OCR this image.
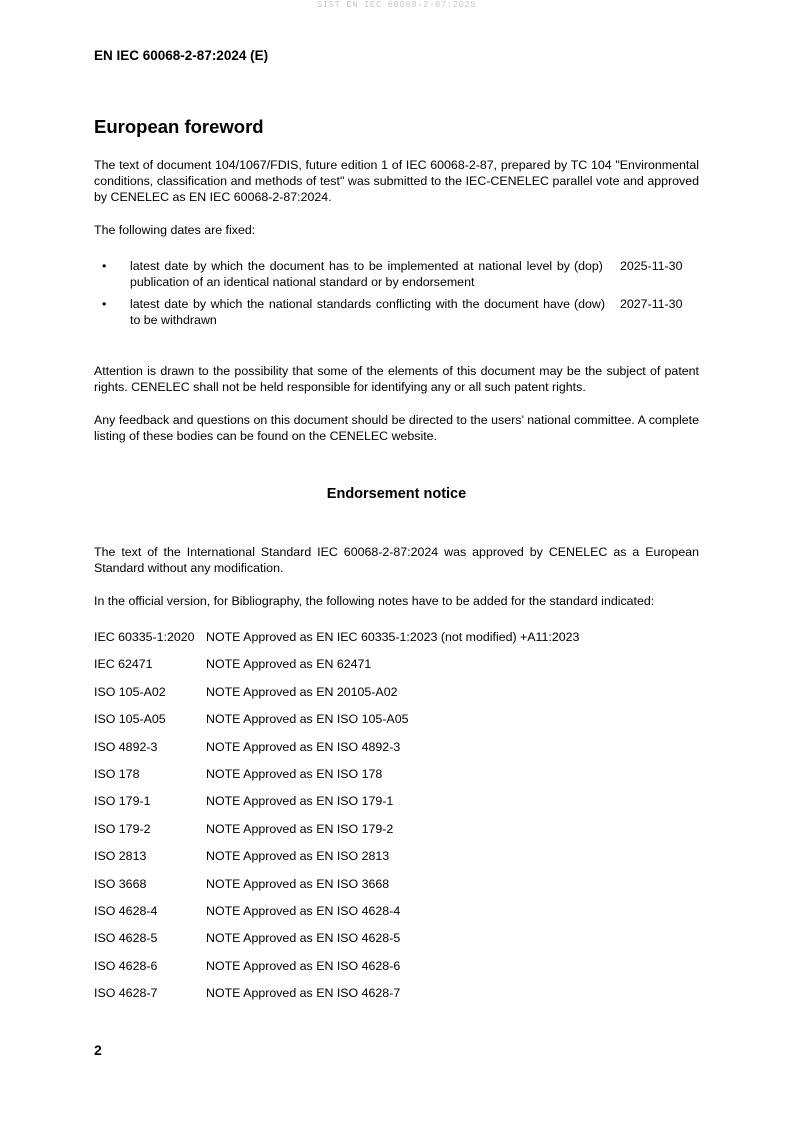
SIST EN IEC 60068-2-87:2025
EN IEC 60068-2-87:2024 (E)
European foreword
The text of document 104/1067/FDIS, future edition 1 of IEC 60068-2-87, prepared by TC 104 "Environmental conditions, classification and methods of test" was submitted to the IEC-CENELEC parallel vote and approved by CENELEC as EN IEC 60068-2-87:2024.
The following dates are fixed:
• latest date by which the document has to be implemented at national level by publication of an identical national standard or by endorsement
(dop) 2025-11-30
• latest date by which the national standards conflicting with the document have to be withdrawn
(dow) 2027-11-30
Attention is drawn to the possibility that some of the elements of this document may be the subject of patent rights. CENELEC shall not be held responsible for identifying any or all such patent rights.
Any feedback and questions on this document should be directed to the users’ national committee. A complete listing of these bodies can be found on the CENELEC website.
Endorsement notice
The text of the International Standard IEC 60068-2-87:2024 was approved by CENELEC as a European Standard without any modification.
In the official version, for Bibliography, the following notes have to be added for the standard indicated:
IEC 60335-1:2020 NOTE Approved as EN IEC 60335-1:2023 (not modified) +A11:2023
IEC 62471	NOTE Approved as EN 62471
ISO 105-A02	NOTE Approved as EN 20105-A02
ISO 105-A05	NOTE Approved as EN ISO 105-A05
ISO 4892-3	NOTE Approved as EN ISO 4892-3
ISO 178	NOTE Approved as EN ISO 178
ISO 179-1	NOTE Approved as EN ISO 179-1
ISO 179-2	NOTE Approved as EN ISO 179-2
ISO 2813	NOTE Approved as EN ISO 2813
ISO 3668	NOTE Approved as EN ISO 3668
ISO 4628-4	NOTE Approved as EN ISO 4628-4
ISO 4628-5	NOTE Approved as EN ISO 4628-5
ISO 4628-6	NOTE Approved as EN ISO 4628-6
ISO 4628-7	NOTE Approved as EN ISO 4628-7
2
